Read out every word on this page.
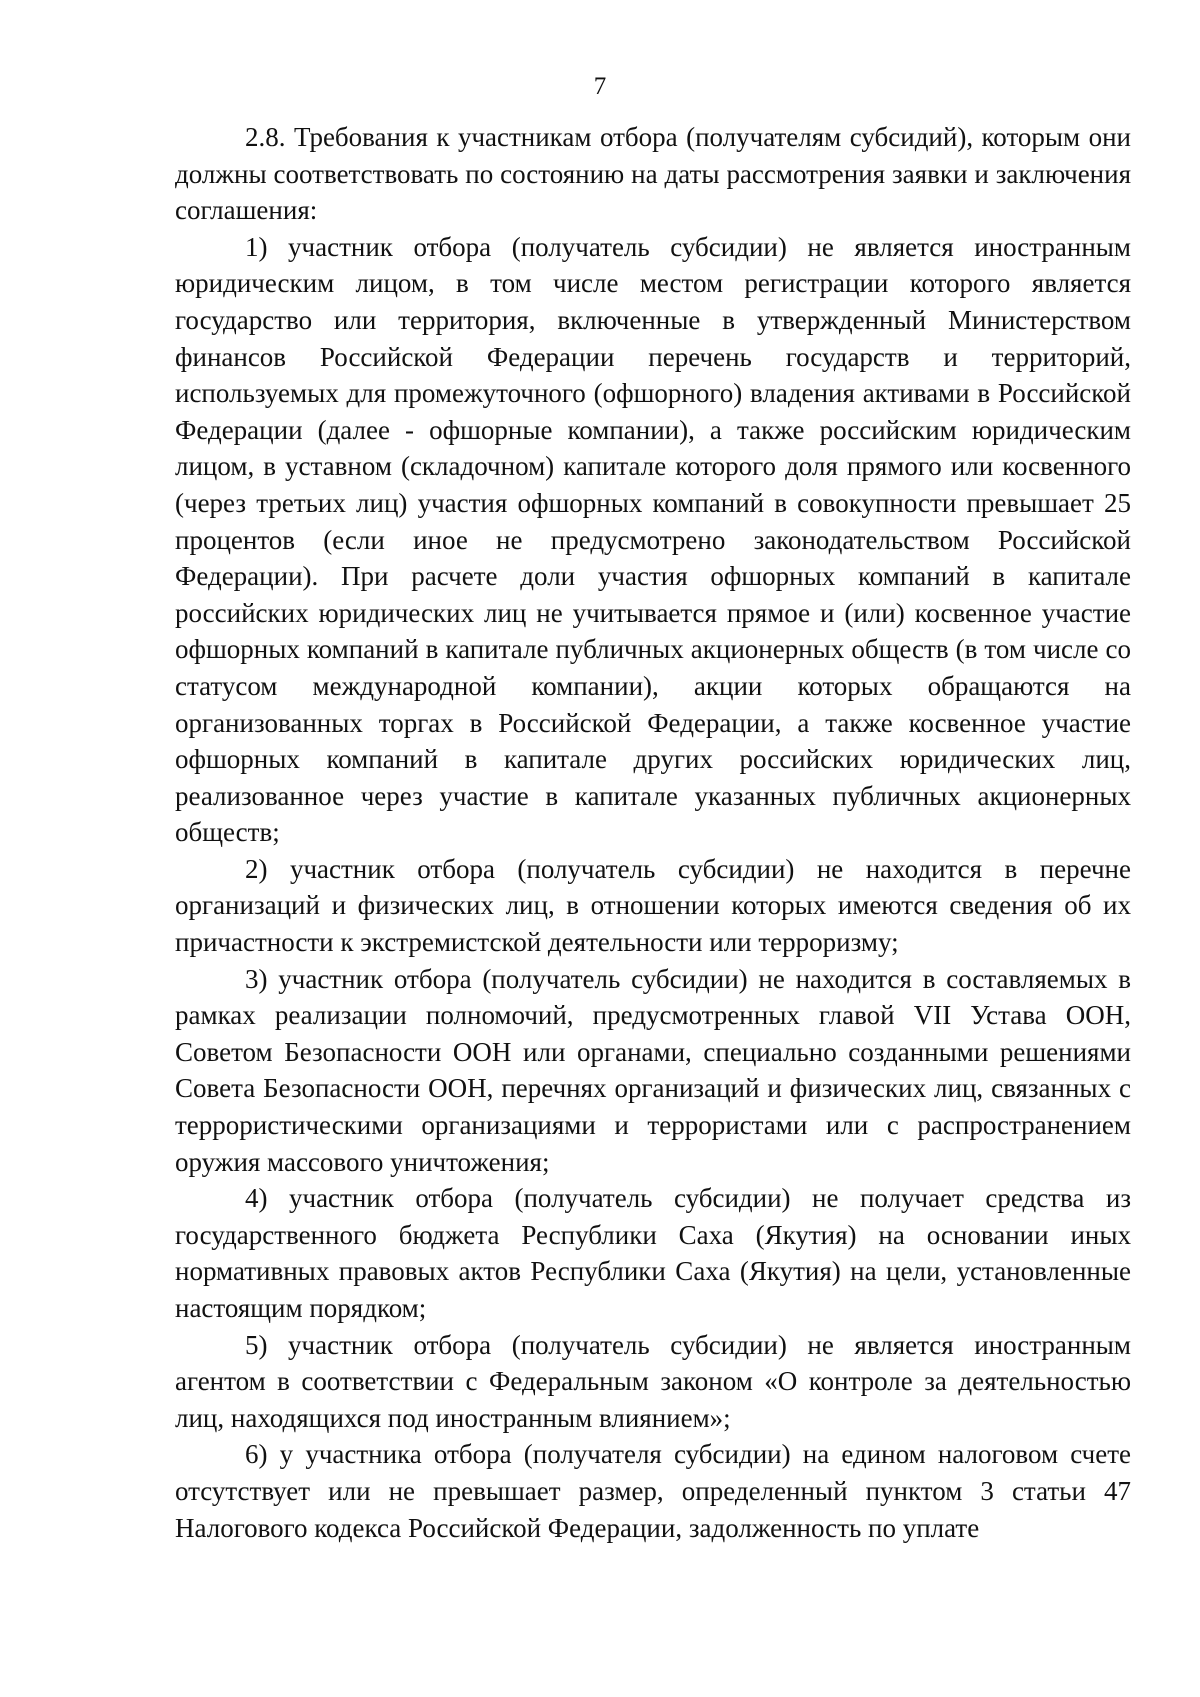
7

2.8. Требования к участникам отбора (получателям субсидий), которым они должны соответствовать по состоянию на даты рассмотрения заявки и заключения соглашения:

1) участник отбора (получатель субсидии) не является иностранным юридическим лицом, в том числе местом регистрации которого является государство или территория, включенные в утвержденный Министерством финансов Российской Федерации перечень государств и территорий, используемых для промежуточного (офшорного) владения активами в Российской Федерации (далее - офшорные компании), а также российским юридическим лицом, в уставном (складочном) капитале которого доля прямого или косвенного (через третьих лиц) участия офшорных компаний в совокупности превышает 25 процентов (если иное не предусмотрено законодательством Российской Федерации). При расчете доли участия офшорных компаний в капитале российских юридических лиц не учитывается прямое и (или) косвенное участие офшорных компаний в капитале публичных акционерных обществ (в том числе со статусом международной компании), акции которых обращаются на организованных торгах в Российской Федерации, а также косвенное участие офшорных компаний в капитале других российских юридических лиц, реализованное через участие в капитале указанных публичных акционерных обществ;

2) участник отбора (получатель субсидии) не находится в перечне организаций и физических лиц, в отношении которых имеются сведения об их причастности к экстремистской деятельности или терроризму;

3) участник отбора (получатель субсидии) не находится в составляемых в рамках реализации полномочий, предусмотренных главой VII Устава ООН, Советом Безопасности ООН или органами, специально созданными решениями Совета Безопасности ООН, перечнях организаций и физических лиц, связанных с террористическими организациями и террористами или с распространением оружия массового уничтожения;

4) участник отбора (получатель субсидии) не получает средства из государственного бюджета Республики Саха (Якутия) на основании иных нормативных правовых актов Республики Саха (Якутия) на цели, установленные настоящим порядком;

5) участник отбора (получатель субсидии) не является иностранным агентом в соответствии с Федеральным законом «О контроле за деятельностью лиц, находящихся под иностранным влиянием»;

6) у участника отбора (получателя субсидии) на едином налоговом счете отсутствует или не превышает размер, определенный пунктом 3 статьи 47 Налогового кодекса Российской Федерации, задолженность по уплате
